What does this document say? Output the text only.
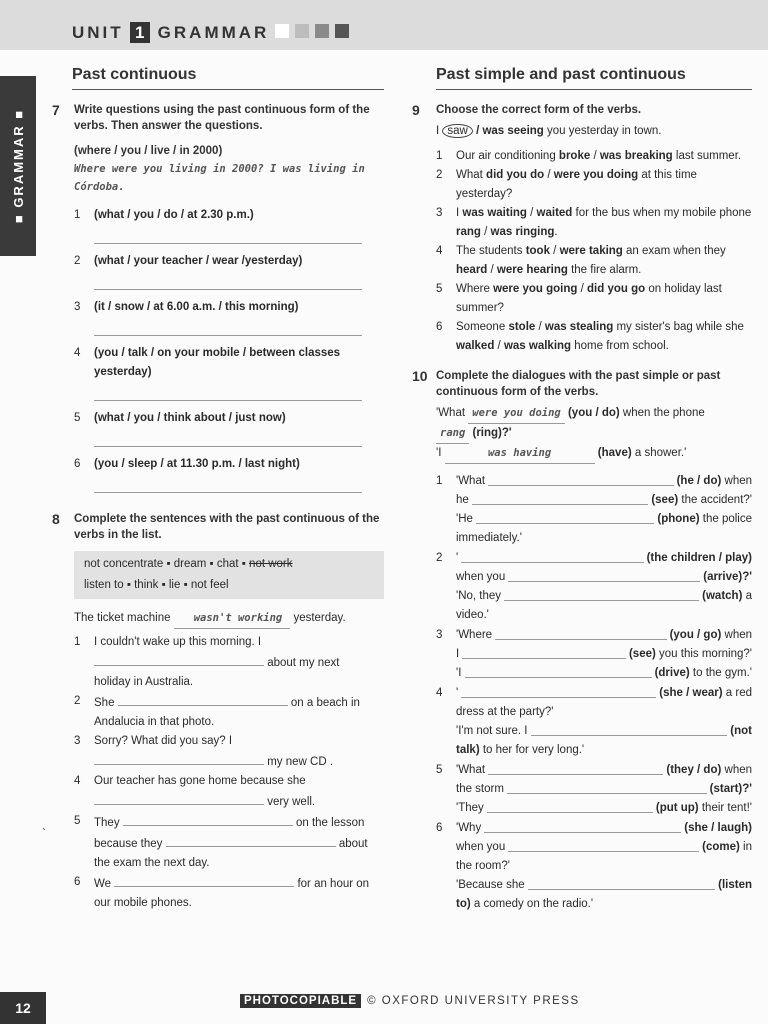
UNIT 1 GRAMMAR
■ GRAMMAR ■
Past continuous
7 Write questions using the past continuous form of the verbs. Then answer the questions.
(where / you / live / in 2000)
Where were you living in 2000? I was living in Córdoba.
1 (what / you / do / at 2.30 p.m.)
2 (what / your teacher / wear /yesterday)
3 (it / snow / at 6.00 a.m. / this morning)
4 (you / talk / on your mobile / between classes yesterday)
5 (what / you / think about / just now)
6 (you / sleep / at 11.30 p.m. / last night)
8 Complete the sentences with the past continuous of the verbs in the list.
not concentrate ▪ dream ▪ chat ▪ not work
listen to ▪ think ▪ lie ▪ not feel
The ticket machine wasn't working yesterday.
1 I couldn't wake up this morning. I
about my next
holiday in Australia.
2 She	on a beach in
Andalucia in that photo.
3 Sorry? What did you say? I
my new CD .
4 Our teacher has gone home because she
very well.
5 They	on the lesson
because they	about
the exam the next day.
6 We	for an hour on
our mobile phones.
Past simple and past continuous
9 Choose the correct form of the verbs.
I saw / was seeing you yesterday in town.
1 Our air conditioning broke / was breaking last summer.
2 What did you do / were you doing at this time yesterday?
3 I was waiting / waited for the bus when my mobile phone rang / was ringing.
4 The students took / were taking an exam when they heard / were hearing the fire alarm.
5 Where were you going / did you go on holiday last summer?
6 Someone stole / was stealing my sister's bag while she walked / was walking home from school.
10 Complete the dialogues with the past simple or past continuous form of the verbs.
'What were you doing (you / do) when the phone
rang (ring)?'
'I	was having	(have) a shower.'
1 'What	(he / do) when
he	(see) the accident?'
'He	(phone) the police
immediately.'
2 '	(the children / play)
when you	(arrive)?'
'No, they	(watch) a
video.'
3 'Where	(you / go) when
I	(see) you this morning?'
'I	(drive) to the gym.'
4 '	(she / wear) a red
dress at the party?'
'I'm not sure. I	(not
talk) to her for very long.'
5 'What	(they / do) when
the storm	(start)?'
'They	(put up) their tent!'
6 'Why	(she / laugh)
when you	(come) in
the room?'
'Because she	(listen
to) a comedy on the radio.'
`
12	PHOTOCOPIABLE © OXFORD UNIVERSITY PRESS
